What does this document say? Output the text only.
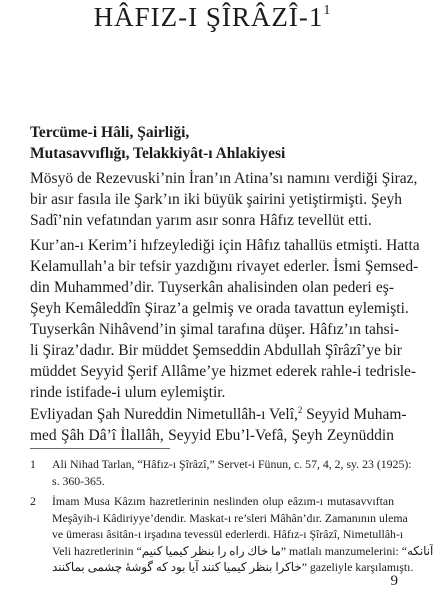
HÂFIZ-I ŞÎRÂZÎ-$1^1$
Tercüme-i Hâli, Şairliği,
Mutasavvıflığı, Telakkiyât-ı Ahlakiyesi
Mösyö de Rezevuski’nin İran’ın Atina’sı namını verdiği Şiraz,
bir asır fasıla ile Şark’ın iki büyük şairini yetiştirmişti. Şeyh
Sadî’nin vefatından yarım asır sonra Hâfız tevellüt etti.
Kur’an-ı Kerim’i hıfzeylediği için Hâfız tahallüs etmişti. Hatta
Kelamullah’a bir tefsir yazdığını rivayet ederler. İsmi Şemsed-
din Muhammed’dir. Tuyserkân ahalisinden olan pederi eş-
Şeyh Kemâleddîn Şiraz’a gelmiş ve orada tavattun eylemişti.
Tuyserkân Nihâvend’in şimal tarafına düşer. Hâfız’ın tahsi-
li Şiraz’dadır. Bir müddet Şemseddin Abdullah Şîrâzî’ye bir
müddet Seyyid Şerif Allâme’ye hizmet ederek rahle-i tedrisle-
rinde istifade-i ulum eylemiştir.
Evliyadan Şah Nureddin Nimetullâh-ı Velî,$^2$ Seyyid Muham-
med Şâh Dâ’î İlallâh, Seyyid Ebu’l-Vefâ, Şeyh Zeynüddin
1 Ali Nihad Tarlan, “Hâfız-ı Şîrâzî,” Servet-i Fünun, c. 57, 4, 2, sy. 23 (1925):
s. 360-365.
2 İmam Musa Kâzım hazretlerinin neslinden olup eâzım-ı mutasavvıftan
Meşâyih-i Kâdiriyye’dendir. Maskat-ı re’sleri Mâhân’dır. Zamanının ulema
ve ümerası âsitân-ı irşadına tevessül ederlerdi. Hâfız-ı Şîrâzî, Nimetullâh-ı
Veli hazretlerinin “ما خاك راه را بنظر كيميا كنيم” matlalı manzumelerini: “آنانكه
خاكرا بنظر كيميا كنند آيا بود كه گوشهٔ چشمى بماكنند” gazeliyle karşılamıştı.
9
